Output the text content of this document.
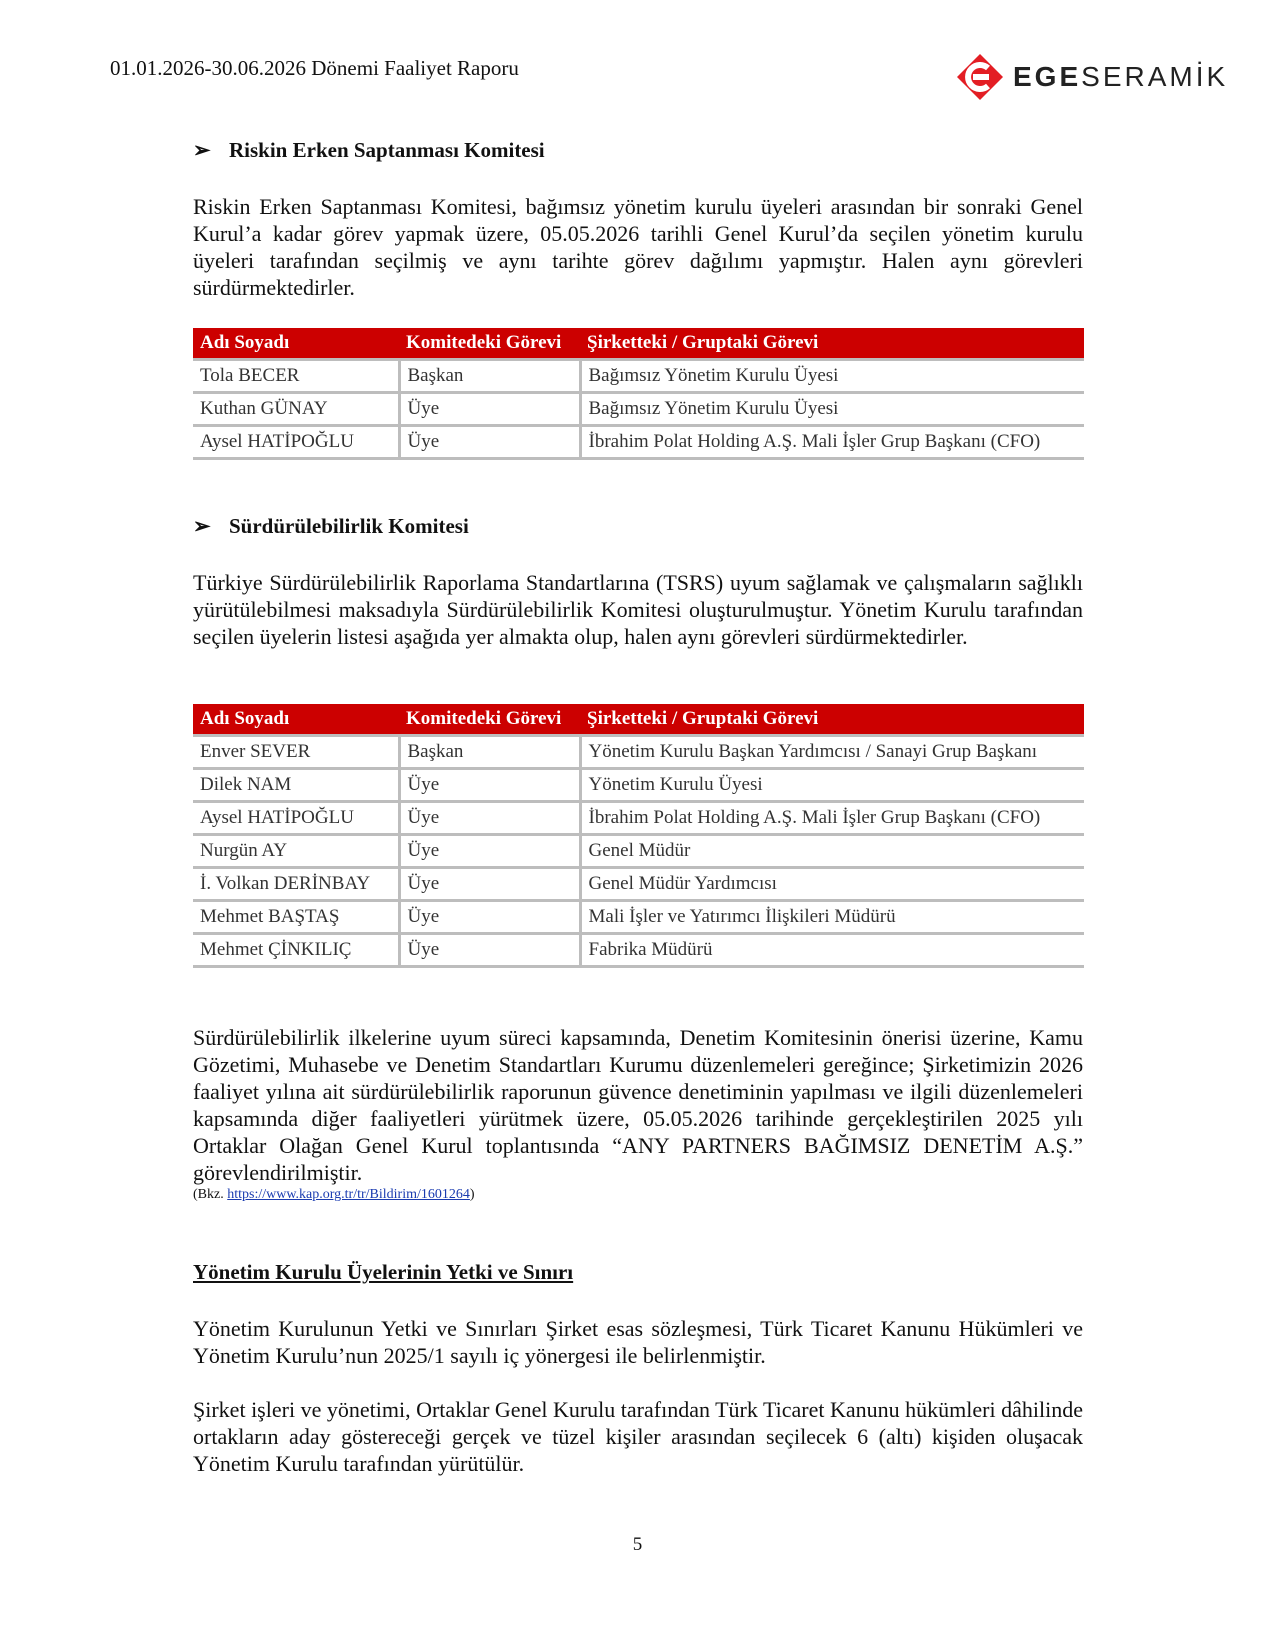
01.01.2026-30.06.2026 Dönemi Faaliyet Raporu	EGESERAMİK
➢ Riskin Erken Saptanması Komitesi

Riskin Erken Saptanması Komitesi, bağımsız yönetim kurulu üyeleri arasından bir sonraki Genel Kurul’a kadar görev yapmak üzere, 05.05.2026 tarihli Genel Kurul’da seçilen yönetim kurulu üyeleri tarafından seçilmiş ve aynı tarihte görev dağılımı yapmıştır. Halen aynı görevleri sürdürmektedirler.

Adı Soyadı	Komitedeki Görevi	Şirketteki / Gruptaki Görevi
Tola BECER	Başkan	Bağımsız Yönetim Kurulu Üyesi
Kuthan GÜNAY	Üye	Bağımsız Yönetim Kurulu Üyesi
Aysel HATİPOĞLU	Üye	İbrahim Polat Holding A.Ş. Mali İşler Grup Başkanı (CFO)
➢ Sürdürülebilirlik Komitesi

Türkiye Sürdürülebilirlik Raporlama Standartlarına (TSRS) uyum sağlamak ve çalışmaların sağlıklı yürütülebilmesi maksadıyla Sürdürülebilirlik Komitesi oluşturulmuştur. Yönetim Kurulu tarafından seçilen üyelerin listesi aşağıda yer almakta olup, halen aynı görevleri sürdürmektedirler.

Adı Soyadı	Komitedeki Görevi	Şirketteki / Gruptaki Görevi
Enver SEVER	Başkan	Yönetim Kurulu Başkan Yardımcısı / Sanayi Grup Başkanı
Dilek NAM	Üye	Yönetim Kurulu Üyesi
Aysel HATİPOĞLU	Üye	İbrahim Polat Holding A.Ş. Mali İşler Grup Başkanı (CFO)
Nurgün AY	Üye	Genel Müdür
İ. Volkan DERİNBAY	Üye	Genel Müdür Yardımcısı
Mehmet BAŞTAŞ	Üye	Mali İşler ve Yatırımcı İlişkileri Müdürü
Mehmet ÇİNKILIÇ	Üye	Fabrika Müdürü

Sürdürülebilirlik ilkelerine uyum süreci kapsamında, Denetim Komitesinin önerisi üzerine, Kamu Gözetimi, Muhasebe ve Denetim Standartları Kurumu düzenlemeleri gereğince; Şirketimizin 2026 faaliyet yılına ait sürdürülebilirlik raporunun güvence denetiminin yapılması ve ilgili düzenlemeleri kapsamında diğer faaliyetleri yürütmek üzere, 05.05.2026 tarihinde gerçekleştirilen 2025 yılı Ortaklar Olağan Genel Kurul toplantısında “ANY PARTNERS BAĞIMSIZ DENETİM A.Ş.” görevlendirilmiştir.

(Bkz. https://www.kap.org.tr/tr/Bildirim/1601264)
Yönetim Kurulu Üyelerinin Yetki ve Sınırı

Yönetim Kurulunun Yetki ve Sınırları Şirket esas sözleşmesi, Türk Ticaret Kanunu Hükümleri ve Yönetim Kurulu’nun 2025/1 sayılı iç yönergesi ile belirlenmiştir.

Şirket işleri ve yönetimi, Ortaklar Genel Kurulu tarafından Türk Ticaret Kanunu hükümleri dâhilinde ortakların aday göstereceği gerçek ve tüzel kişiler arasından seçilecek 6 (altı) kişiden oluşacak Yönetim Kurulu tarafından yürütülür.

5
